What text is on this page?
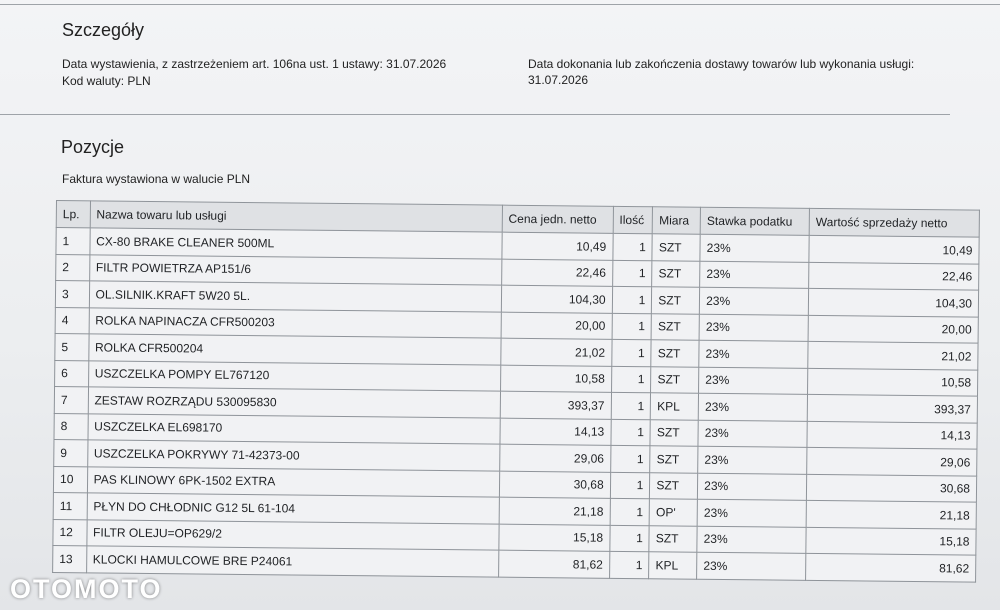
Szczegóły
Data wystawienia, z zastrzeżeniem art. 106na ust. 1 ustawy: 31.07.2026
Kod waluty: PLN
Data dokonania lub zakończenia dostawy towarów lub wykonania usługi:
31.07.2026
Pozycje
Faktura wystawiona w walucie PLN
Lp.	Nazwa towaru lub usługi	Cena jedn. netto	Ilość	Miara	Stawka podatku	Wartość sprzedaży netto
1	CX-80 BRAKE CLEANER 500ML	10,49	1	SZT	23%	10,49
2	FILTR POWIETRZA AP151/6	22,46	1	SZT	23%	22,46
3	OL.SILNIK.KRAFT 5W20 5L.	104,30	1	SZT	23%	104,30
4	ROLKA NAPINACZA CFR500203	20,00	1	SZT	23%	20,00
5	ROLKA CFR500204	21,02	1	SZT	23%	21,02
6	USZCZELKA POMPY EL767120	10,58	1	SZT	23%	10,58
7	ZESTAW ROZRZĄDU 530095830	393,37	1	KPL	23%	393,37
8	USZCZELKA EL698170	14,13	1	SZT	23%	14,13
9	USZCZELKA POKRYWY 71-42373-00	29,06	1	SZT	23%	29,06
10	PAS KLINOWY 6PK-1502 EXTRA	30,68	1	SZT	23%	30,68
11	PŁYN DO CHŁODNIC G12 5L 61-104	21,18	1	OP'	23%	21,18
12	FILTR OLEJU=OP629/2	15,18	1	SZT	23%	15,18
13	KLOCKI HAMULCOWE BRE P24061	81,62	1	KPL	23%	81,62
OTOMOTO
